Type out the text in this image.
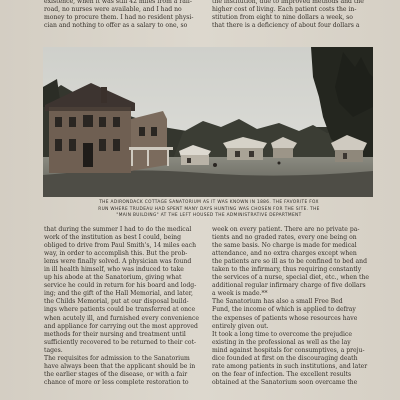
existence, when it was still 42 miles from a rail-
road, no nurses were available, and I had no
money to procure them. I had no resident physi-
cian and nothing to offer as a salary to one, so
the institution, due to improved methods and the
higher cost of living. Each patient costs the in-
stitution from eight to nine dollars a week, so
that there is a deficiency of about four dollars a
THE ADIRONDACK COTTAGE SANATORIUM AS IT WAS KNOWN IN 1886. THE FAVORITE FOX
RUN WHERE TRUDEAU HAD SPENT MANY DAYS HUNTING WAS CHOSEN FOR THE SITE. THE
"MAIN BUILDING" AT THE LEFT HOUSED THE ADMINISTRATIVE DEPARTMENT
that during the summer I had to do the medical
work of the institution as best I could, being
obliged to drive from Paul Smith's, 14 miles each
way, in order to accomplish this. But the prob-
lems were finally solved. A physician was found
in ill health himself, who was induced to take
up his abode at the Sanatorium, giving what
service he could in return for his board and lodg-
ing; and the gift of the Hall Memorial, and later,
the Childs Memorial, put at our disposal build-
ings where patients could be transferred at once
when acutely ill, and furnished every convenience
and appliance for carrying out the most approved
methods for their nursing and treatment until
sufficiently recovered to be returned to their cot-
tages.
The requisites for admission to the Sanatorium
have always been that the applicant should be in
the earlier stages of the disease, or with a fair
chance of more or less complete restoration to
week on every patient. There are no private pa-
tients and no graded rates, every one being on
the same basis. No charge is made for medical
attendance, and no extra charges except when
the patients are so ill as to be confined to bed and
taken to the infirmary, thus requiring constantly
the services of a nurse, special diet, etc., when the
additional regular infirmary charge of five dollars
a week is made.**
The Sanatorium has also a small Free Bed
Fund, the income of which is applied to defray
the expenses of patients whose resources have
entirely given out.
It took a long time to overcome the prejudice
existing in the professional as well as the lay
mind against hospitals for consumptives, a preju-
dice founded at first on the discouraging death
rate among patients in such institutions, and later
on the fear of infection. The excellent results
obtained at the Sanatorium soon overcame the
